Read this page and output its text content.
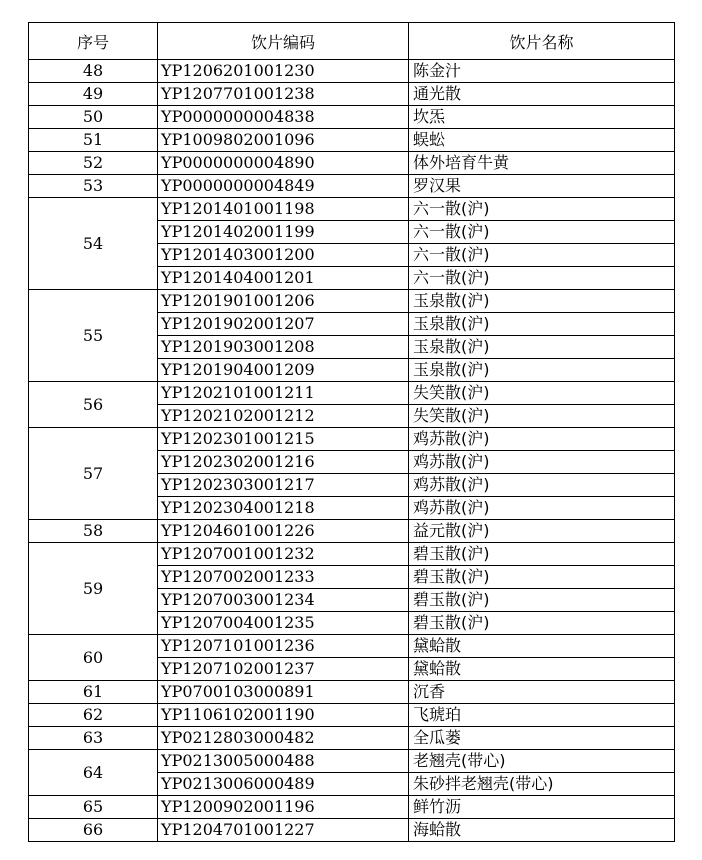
序号	饮片编码	饮片名称
48	YP1206201001230	陈金汁
49	YP1207701001238	通光散
50	YP0000000004838	坎炁
51	YP1009802001096	蜈蚣
52	YP0000000004890	体外培育牛黄
53	YP0000000004849	罗汉果
54	YP1201401001198	六一散(沪)
	YP1201402001199	六一散(沪)
	YP1201403001200	六一散(沪)
	YP1201404001201	六一散(沪)
55	YP1201901001206	玉泉散(沪)
	YP1201902001207	玉泉散(沪)
	YP1201903001208	玉泉散(沪)
	YP1201904001209	玉泉散(沪)
56	YP1202101001211	失笑散(沪)
	YP1202102001212	失笑散(沪)
57	YP1202301001215	鸡苏散(沪)
	YP1202302001216	鸡苏散(沪)
	YP1202303001217	鸡苏散(沪)
	YP1202304001218	鸡苏散(沪)
58	YP1204601001226	益元散(沪)
59	YP1207001001232	碧玉散(沪)
	YP1207002001233	碧玉散(沪)
	YP1207003001234	碧玉散(沪)
	YP1207004001235	碧玉散(沪)
60	YP1207101001236	黛蛤散
	YP1207102001237	黛蛤散
61	YP0700103000891	沉香
62	YP1106102001190	飞琥珀
63	YP0212803000482	全瓜蒌
64	YP0213005000488	老翘壳(带心)
	YP0213006000489	朱砂拌老翘壳(带心)
65	YP1200902001196	鲜竹沥
66	YP1204701001227	海蛤散
